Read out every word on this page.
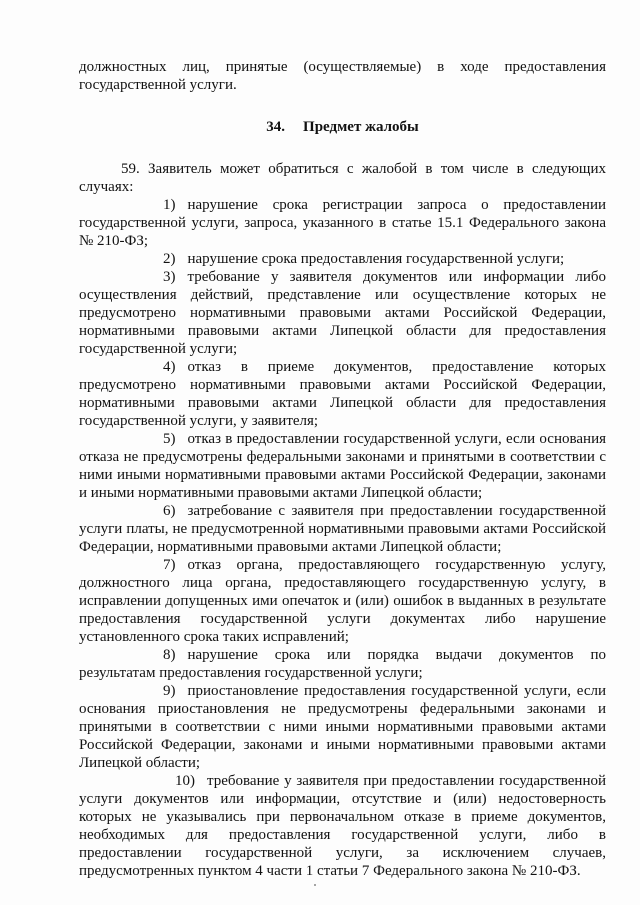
должностных лиц, принятые (осуществляемые) в ходе предоставления государственной услуги.

34. Предмет жалобы

59. Заявитель может обратиться с жалобой в том числе в следующих случаях:

1) нарушение срока регистрации запроса о предоставлении государственной услуги, запроса, указанного в статье 15.1 Федерального закона № 210-ФЗ;

2) нарушение срока предоставления государственной услуги;

3) требование у заявителя документов или информации либо осуществления действий, представление или осуществление которых не предусмотрено нормативными правовыми актами Российской Федерации, нормативными правовыми актами Липецкой области для предоставления государственной услуги;

4) отказ в приеме документов, предоставление которых предусмотрено нормативными правовыми актами Российской Федерации, нормативными правовыми актами Липецкой области для предоставления государственной услуги, у заявителя;

5) отказ в предоставлении государственной услуги, если основания отказа не предусмотрены федеральными законами и принятыми в соответствии с ними иными нормативными правовыми актами Российской Федерации, законами и иными нормативными правовыми актами Липецкой области;

6) затребование с заявителя при предоставлении государственной услуги платы, не предусмотренной нормативными правовыми актами Российской Федерации, нормативными правовыми актами Липецкой области;

7) отказ органа, предоставляющего государственную услугу, должностного лица органа, предоставляющего государственную услугу, в исправлении допущенных ими опечаток и (или) ошибок в выданных в результате предоставления государственной услуги документах либо нарушение установленного срока таких исправлений;

8) нарушение срока или порядка выдачи документов по результатам предоставления государственной услуги;

9) приостановление предоставления государственной услуги, если основания приостановления не предусмотрены федеральными законами и принятыми в соответствии с ними иными нормативными правовыми актами Российской Федерации, законами и иными нормативными правовыми актами Липецкой области;

10) требование у заявителя при предоставлении государственной услуги документов или информации, отсутствие и (или) недостоверность которых не указывались при первоначальном отказе в приеме документов, необходимых для предоставления государственной услуги, либо в предоставлении государственной услуги, за исключением случаев, предусмотренных пунктом 4 части 1 статьи 7 Федерального закона № 210-ФЗ.
